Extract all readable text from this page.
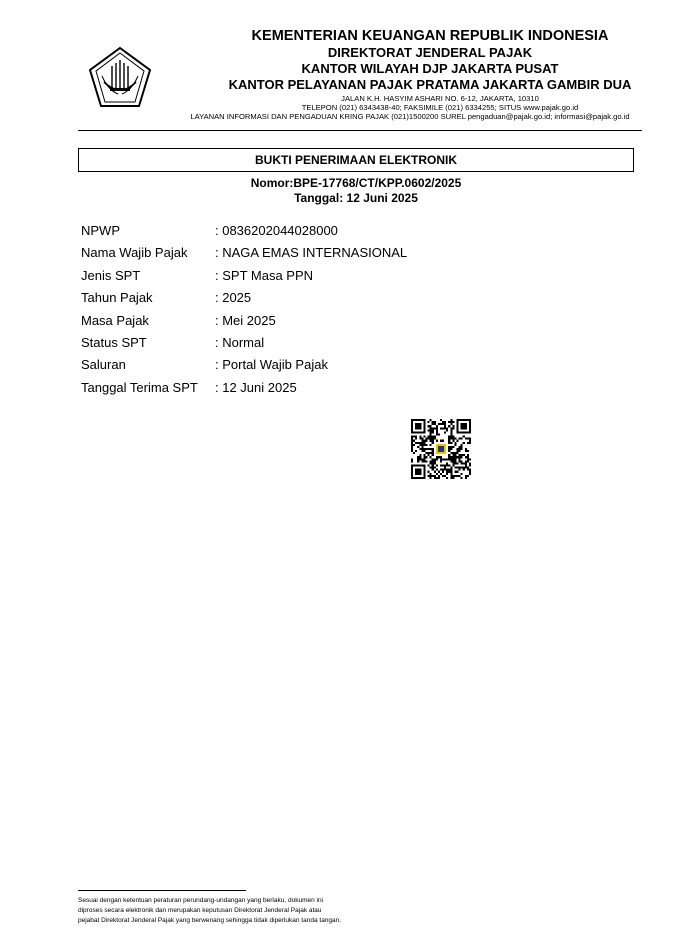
KEMENTERIAN KEUANGAN REPUBLIK INDONESIA
DIREKTORAT JENDERAL PAJAK
KANTOR WILAYAH DJP JAKARTA PUSAT
KANTOR PELAYANAN PAJAK PRATAMA JAKARTA GAMBIR DUA
JALAN K.H. HASYIM ASHARI NO. 6-12, JAKARTA, 10310
TELEPON (021) 6343438-40; FAKSIMILE (021) 6334255; SITUS www.pajak.go.id
LAYANAN INFORMASI DAN PENGADUAN KRING PAJAK (021)1500200 SUREL pengaduan@pajak.go.id; informasi@pajak.go.id
BUKTI PENERIMAAN ELEKTRONIK
Nomor:BPE-17768/CT/KPP.0602/2025
Tanggal: 12 Juni 2025
NPWP	: 0836202044028000
Nama Wajib Pajak : NAGA EMAS INTERNASIONAL
Jenis SPT	: SPT Masa PPN
Tahun Pajak	: 2025
Masa Pajak	: Mei 2025
Status SPT	: Normal
Saluran	: Portal Wajib Pajak
Tanggal Terima SPT : 12 Juni 2025
Sesuai dengan ketentuan peraturan perundang-undangan yang berlaku, dokumen ini
diproses secara elektronik dan merupakan keputusan Direktorat Jenderal Pajak atau
pejabat Direktorat Jenderal Pajak yang berwenang sehingga tidak diperlukan tanda tangan.
